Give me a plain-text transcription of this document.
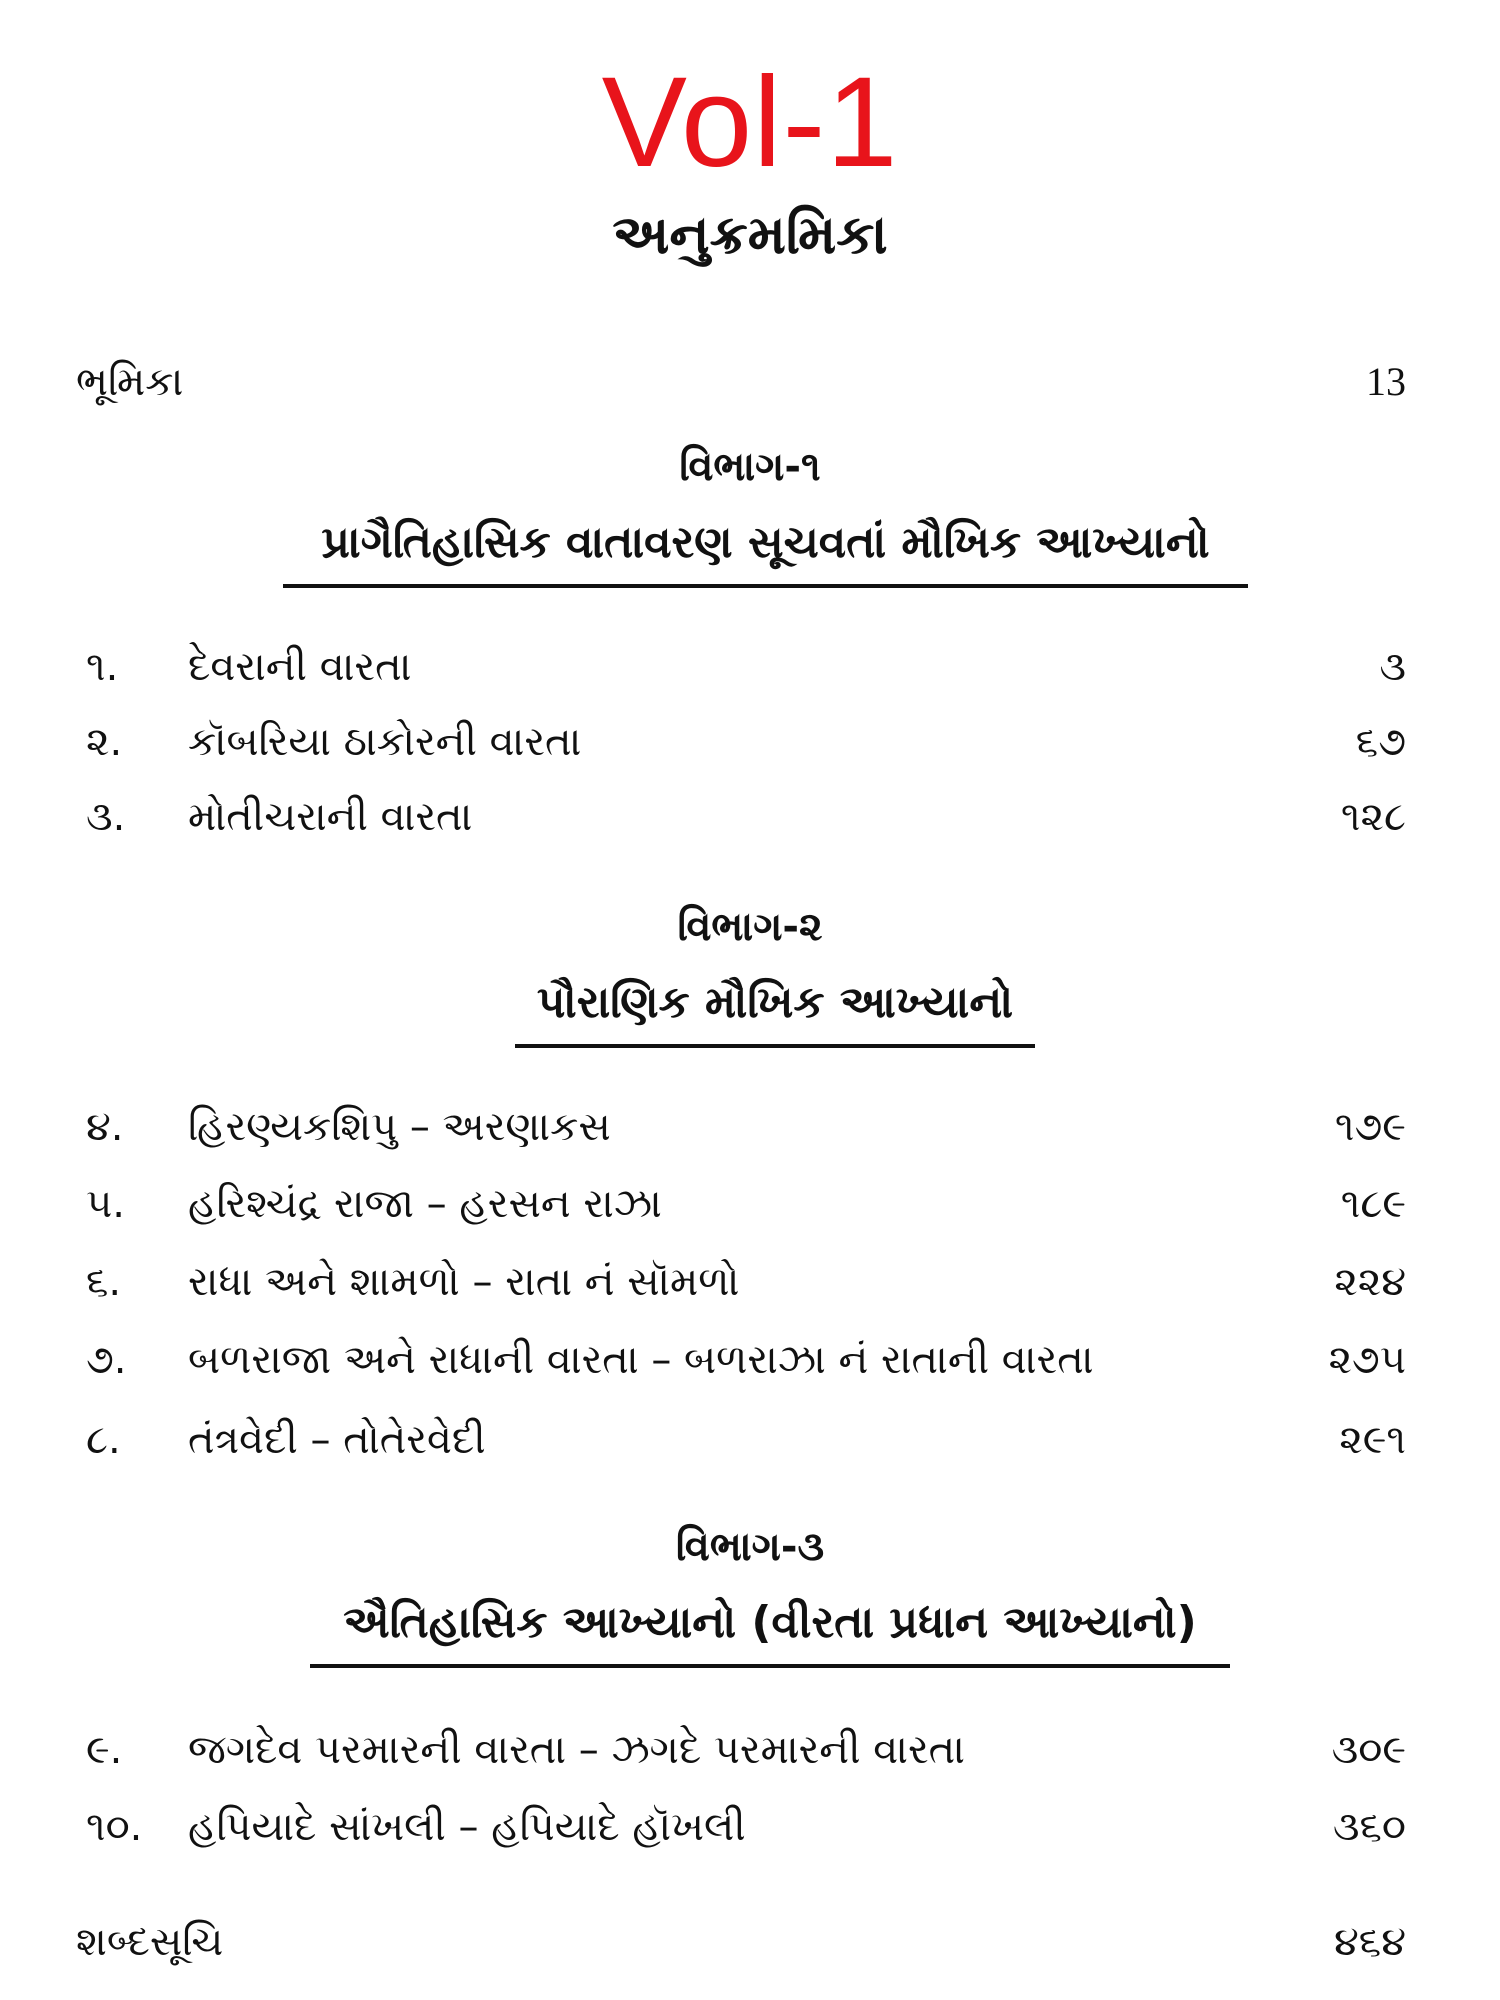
Vol-1
અનુક્રમમિકા
ભૂમિકા	13
વિભાગ-૧
પ્રાગૈતિહાસિક વાતાવરણ સૂચવતાં મૌખિક આખ્યાનો
૧. દેવરાની વારતા	૩
૨. કૉબરિયા ઠાકોરની વારતા	૬૭
૩. મોતીચરાની વારતા	૧૨૮
વિભાગ-૨
પૌરાણિક મૌખિક આખ્યાનો
૪. હિરણ્યકશિપુ – અરણાકસ	૧૭૯
૫. હરિશ્ચંદ્ર રાજા – હરસન રાઝા	૧૮૯
૬. રાધા અને શામળો – રાતા નં સૉમળો	૨૨૪
૭. બળરાજા અને રાધાની વારતા – બળરાઝા નં રાતાની વારતા	૨૭૫
૮. તંત્રવેદી – તોતેરવેદી	૨૯૧
વિભાગ-૩
ઐતિહાસિક આખ્યાનો (વીરતા પ્રધાન આખ્યાનો)
૯. જગદેવ પરમારની વારતા – ઝગદે પરમારની વારતા	૩૦૯
૧૦. હપિયાદે સાંખલી – હપિયાદે હૉખલી	૩૬૦
શબ્દસૂચિ	૪૬૪
